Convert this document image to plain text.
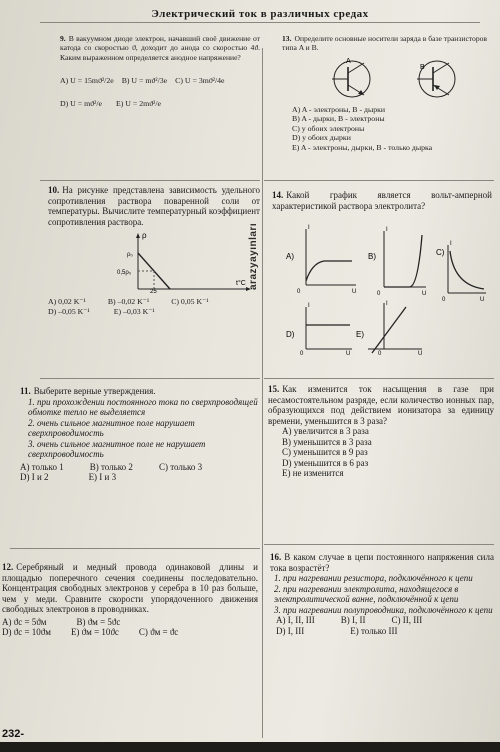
Электрический ток в различных средах
9. В вакуумном диоде электрон, начавший своё движение от катода со скоростью ϑ, доходит до анода со скоростью 4ϑ. Каким выраженном определяется анодное напряжение?
A) U = 15mϑ²/2e B) U = mϑ²/3e C) U = 3mϑ²/4e
D) U = mϑ²/e E) U = 2mϑ²/e
13. Определите основные носители заряда в базе транзисторов типа A и B.
A
B
A) A - электроны, B - дырки
B) A - дырки, B - электроны
C) у обоих электроны
D) у обоих дырки
E) A - электроны, дырки, B - только дырка
10. На рисунке представлена зависимость удельного сопротивления раствора поваренной соли от температуры. Вычислите температурный коэффициент сопротивления раствора.
ρ
ρ₀
0,5ρ₀
25
t°C
A) 0,02 K⁻¹	B) –0,02 K⁻¹	C) 0,05 K⁻¹
D) –0,05 K⁻¹	E) –0,03 K⁻¹
14. Какой график является вольт-амперной характеристикой раствора электролита?
A)
I
0	U
B)
I
0	U
C)
I
0	U
D)
I
0	U
E)
I
0	U
arazyayınları
11. Выберите верные утверждения.
1. при прохождении постоянного тока по сверхпроводящей обмотке тепло не выделяется
2. очень сильное магнитное поле нарушает сверхпроводимость
3. очень сильное магнитное поле не нарушает сверхпроводимость
A) только 1	B) только 2	C) только 3
D) I и 2	E) I и 3
15. Как изменится ток насыщения в газе при несамостоятельном разряде, если количество ионных пар, образующихся под действием ионизатора за единицу времени, уменьшится в 3 раза?
A) увеличится в 3 раза
B) уменьшится в 3 раза
C) уменьшится в 9 раз
D) уменьшится в 6 раз
E) не изменится
12. Серебряный и медный провода одинаковой длины и площадью поперечного сечения соединены последовательно. Концентрация свободных электронов у серебра в 10 раз больше, чем у меди. Сравните скорости упорядоченного движения свободных электронов в проводниках.
A) ϑc = 5ϑм	B) ϑм = 5ϑc
D) ϑc = 10ϑм E) ϑм = 10ϑc C) ϑм = ϑc
16. В каком случае в цепи постоянного напряжения сила тока возрастёт?
1. при нагревании резистора, подключённого к цепи
2. при нагревании электролита, находящегося в электролитической ванне, подключённой к цепи
3. при нагревании полупроводника, подключённого к цепи
A) I, II, III	B) I, II	C) II, III
D) I, III	E) только III
232-
